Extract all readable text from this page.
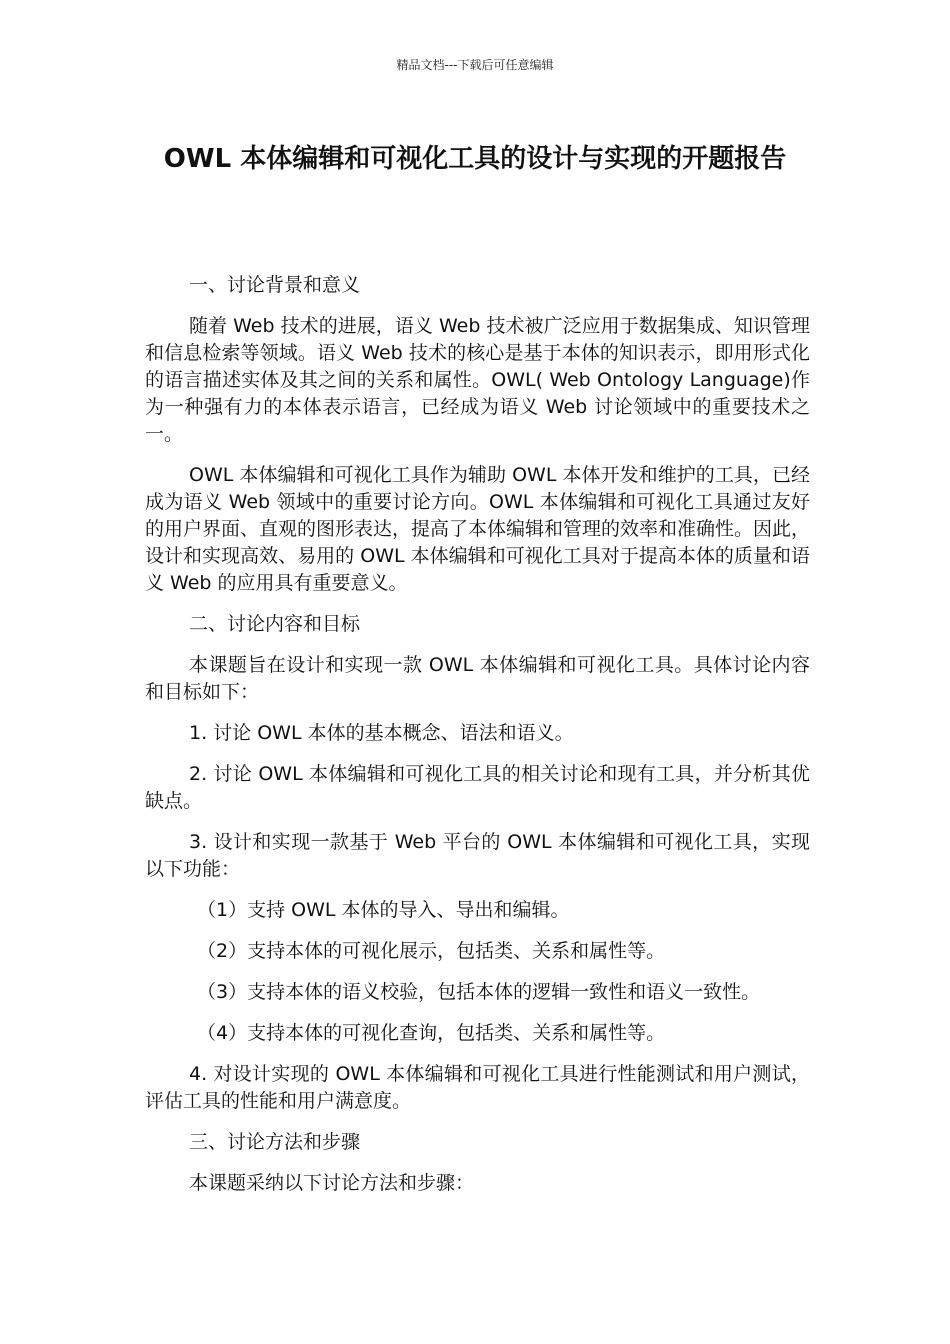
精品文档---下载后可任意编辑
OWL 本体编辑和可视化工具的设计与实现的开题报告

一、讨论背景和意义

随着 Web 技术的进展，语义 Web 技术被广泛应用于数据集成、知识管理和信息检索等领域。语义 Web 技术的核心是基于本体的知识表示，即用形式化的语言描述实体及其之间的关系和属性。OWL( Web Ontology Language)作为一种强有力的本体表示语言，已经成为语义 Web 讨论领域中的重要技术之一。

OWL 本体编辑和可视化工具作为辅助 OWL 本体开发和维护的工具，已经成为语义 Web 领域中的重要讨论方向。OWL 本体编辑和可视化工具通过友好的用户界面、直观的图形表达，提高了本体编辑和管理的效率和准确性。因此，设计和实现高效、易用的 OWL 本体编辑和可视化工具对于提高本体的质量和语义 Web 的应用具有重要意义。

二、讨论内容和目标

本课题旨在设计和实现一款 OWL 本体编辑和可视化工具。具体讨论内容和目标如下：

1. 讨论 OWL 本体的基本概念、语法和语义。

2. 讨论 OWL 本体编辑和可视化工具的相关讨论和现有工具，并分析其优缺点。

3. 设计和实现一款基于 Web 平台的 OWL 本体编辑和可视化工具，实现以下功能：

（1）支持 OWL 本体的导入、导出和编辑。

（2）支持本体的可视化展示，包括类、关系和属性等。

（3）支持本体的语义校验，包括本体的逻辑一致性和语义一致性。

（4）支持本体的可视化查询，包括类、关系和属性等。

4. 对设计实现的 OWL 本体编辑和可视化工具进行性能测试和用户测试，评估工具的性能和用户满意度。

三、讨论方法和步骤

本课题采纳以下讨论方法和步骤：
